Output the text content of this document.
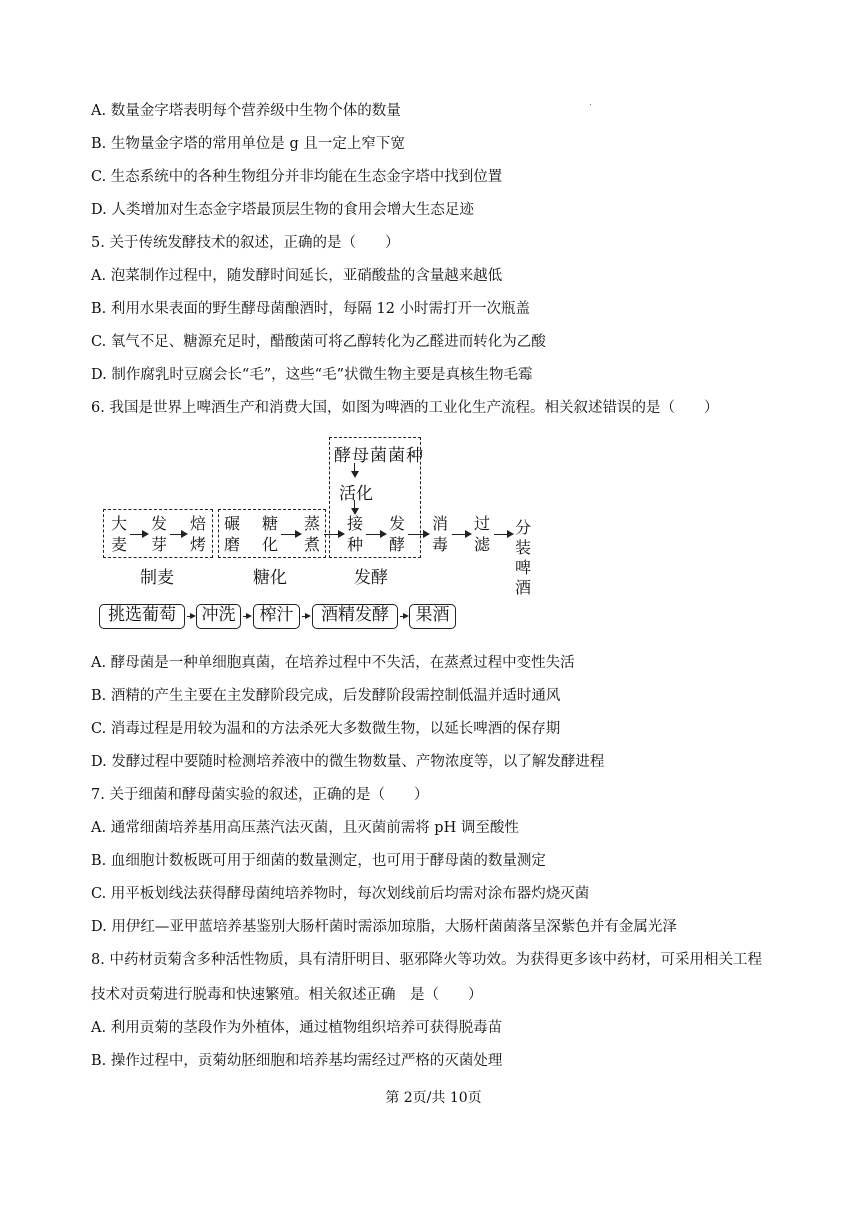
A. 数量金字塔表明每个营养级中生物个体的数量
B. 生物量金字塔的常用单位是 g 且一定上窄下宽
C. 生态系统中的各种生物组分并非均能在生态金字塔中找到位置
D. 人类增加对生态金字塔最顶层生物的食用会增大生态足迹
5. 关于传统发酵技术的叙述，正确的是（　　）
A. 泡菜制作过程中，随发酵时间延长，亚硝酸盐的含量越来越低
B. 利用水果表面的野生酵母菌酿酒时，每隔 12 小时需打开一次瓶盖
C. 氧气不足、糖源充足时，醋酸菌可将乙醇转化为乙醛进而转化为乙酸
D. 制作腐乳时豆腐会长“毛”，这些“毛”状微生物主要是真核生物毛霉
6. 我国是世界上啤酒生产和消费大国，如图为啤酒的工业化生产流程。相关叙述错误的是（　　）
酵母菌菌种
活化
大
麦
发
芽
焙
烤
碾
磨
糖
化
蒸
煮
接
种
发
酵
消
毒
过
滤
分装啤酒
制麦	糖化	发酵
挑选葡萄	冲洗	榨汁	酒精发酵	果酒
A. 酵母菌是一种单细胞真菌，在培养过程中不失活，在蒸煮过程中变性失活
B. 酒精的产生主要在主发酵阶段完成，后发酵阶段需控制低温并适时通风
C. 消毒过程是用较为温和的方法杀死大多数微生物，以延长啤酒的保存期
D. 发酵过程中要随时检测培养液中的微生物数量、产物浓度等，以了解发酵进程
7. 关于细菌和酵母菌实验的叙述，正确的是（　　）
A. 通常细菌培养基用高压蒸汽法灭菌，且灭菌前需将 pH 调至酸性
B. 血细胞计数板既可用于细菌的数量测定，也可用于酵母菌的数量测定
C. 用平板划线法获得酵母菌纯培养物时，每次划线前后均需对涂布器灼烧灭菌
D. 用伊红—亚甲蓝培养基鉴别大肠杆菌时需添加琼脂，大肠杆菌菌落呈深紫色并有金属光泽
8. 中药材贡菊含多种活性物质，具有清肝明目、驱邪降火等功效。为获得更多该中药材，可采用相关工程
技术对贡菊进行脱毒和快速繁殖。相关叙述正确　是（　　）
A. 利用贡菊的茎段作为外植体，通过植物组织培养可获得脱毒苗
B. 操作过程中，贡菊幼胚细胞和培养基均需经过严格的灭菌处理
第 2页/共 10页
